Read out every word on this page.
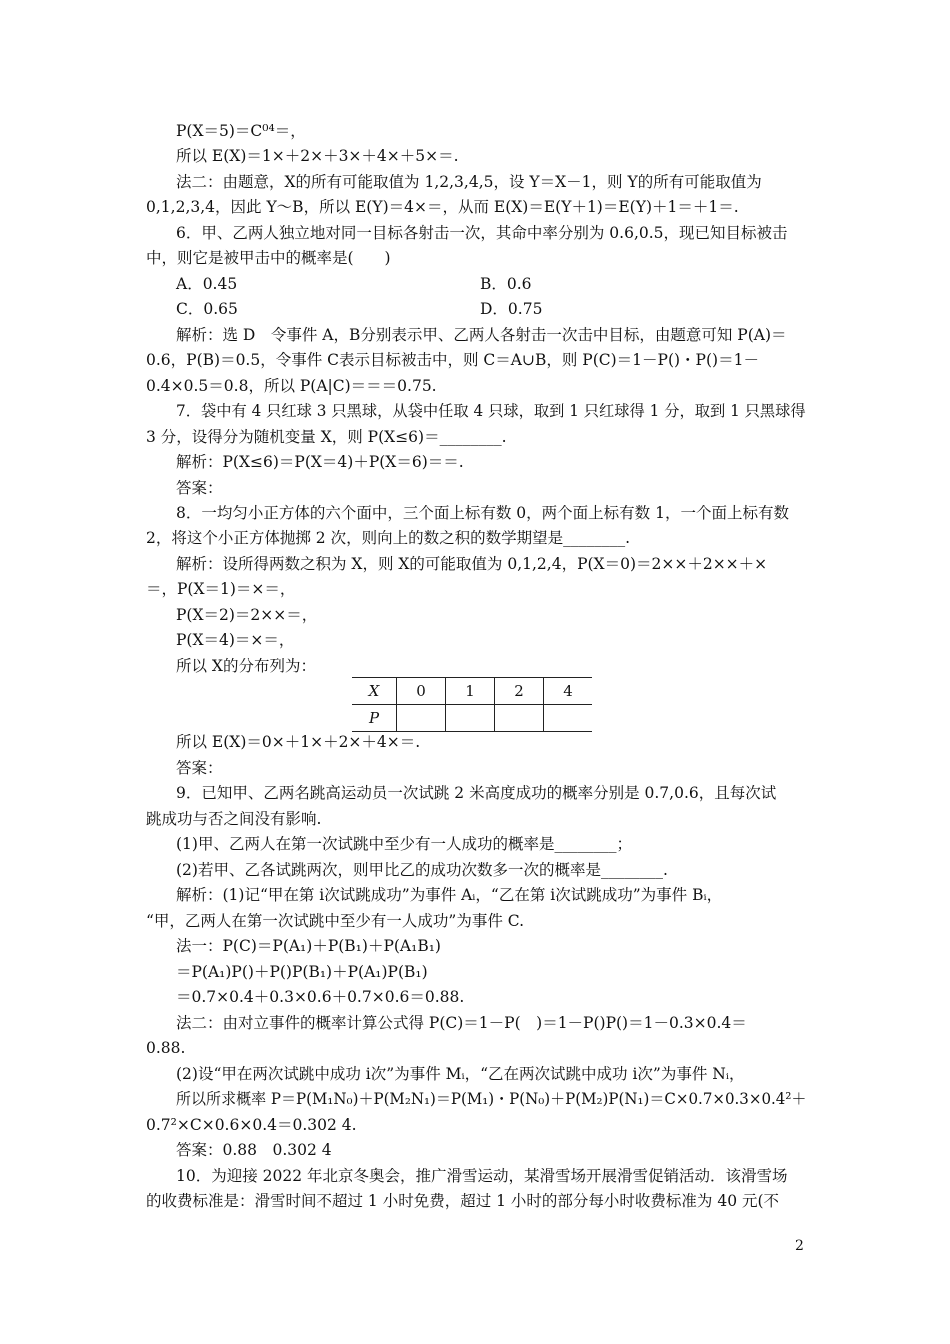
P(X＝5)＝C⁰⁴＝，
所以 E(X)＝1×＋2×＋3×＋4×＋5×＝.
法二：由题意，X的所有可能取值为 1,2,3,4,5，设 Y＝X－1，则 Y的所有可能取值为
0,1,2,3,4，因此 Y～B，所以 E(Y)＝4×＝，从而 E(X)＝E(Y＋1)＝E(Y)＋1＝＋1＝.
6．甲、乙两人独立地对同一目标各射击一次，其命中率分别为 0.6,0.5，现已知目标被击
中，则它是被甲击中的概率是(　　)
A．0.45	B．0.6
C．0.65	D．0.75
解析：选 D　令事件 A，B分别表示甲、乙两人各射击一次击中目标，由题意可知 P(A)＝
0.6，P(B)＝0.5，令事件 C表示目标被击中，则 C＝A∪B，则 P(C)＝1－P()・P()＝1－
0.4×0.5＝0.8，所以 P(A|C)＝＝＝0.75.
7．袋中有 4 只红球 3 只黑球，从袋中任取 4 只球，取到 1 只红球得 1 分，取到 1 只黑球得
3 分，设得分为随机变量 X，则 P(X≤6)＝________.
解析：P(X≤6)＝P(X＝4)＋P(X＝6)＝＝.
答案：
8．一均匀小正方体的六个面中，三个面上标有数 0，两个面上标有数 1，一个面上标有数
2，将这个小正方体抛掷 2 次，则向上的数之积的数学期望是________.
解析：设所得两数之积为 X，则 X的可能取值为 0,1,2,4，P(X＝0)＝2××＋2××＋×
＝，P(X＝1)＝×＝，
P(X＝2)＝2××＝，
P(X＝4)＝×＝，
所以 X的分布列为：
X	0	1	2	4
P				
所以 E(X)＝0×＋1×＋2×＋4×＝.
答案：
9．已知甲、乙两名跳高运动员一次试跳 2 米高度成功的概率分别是 0.7,0.6，且每次试
跳成功与否之间没有影响.
(1)甲、乙两人在第一次试跳中至少有一人成功的概率是________；
(2)若甲、乙各试跳两次，则甲比乙的成功次数多一次的概率是________.
解析：(1)记“甲在第 i次试跳成功”为事件 Aᵢ，“乙在第 i次试跳成功”为事件 Bᵢ，
“甲，乙两人在第一次试跳中至少有一人成功”为事件 C.
法一：P(C)＝P(A₁)＋P(B₁)＋P(A₁B₁)
＝P(A₁)P()＋P()P(B₁)＋P(A₁)P(B₁)
＝0.7×0.4＋0.3×0.6＋0.7×0.6＝0.88.
法二：由对立事件的概率计算公式得 P(C)＝1－P(　)＝1－P()P()＝1－0.3×0.4＝
0.88.
(2)设“甲在两次试跳中成功 i次”为事件 Mᵢ，“乙在两次试跳中成功 i次”为事件 Nᵢ，
所以所求概率 P＝P(M₁N₀)＋P(M₂N₁)＝P(M₁)・P(N₀)＋P(M₂)P(N₁)＝C×0.7×0.3×0.4²＋
0.7²×C×0.6×0.4＝0.302 4.
答案：0.88　0.302 4
10．为迎接 2022 年北京冬奥会，推广滑雪运动，某滑雪场开展滑雪促销活动．该滑雪场
的收费标准是：滑雪时间不超过 1 小时免费，超过 1 小时的部分每小时收费标准为 40 元(不
2
